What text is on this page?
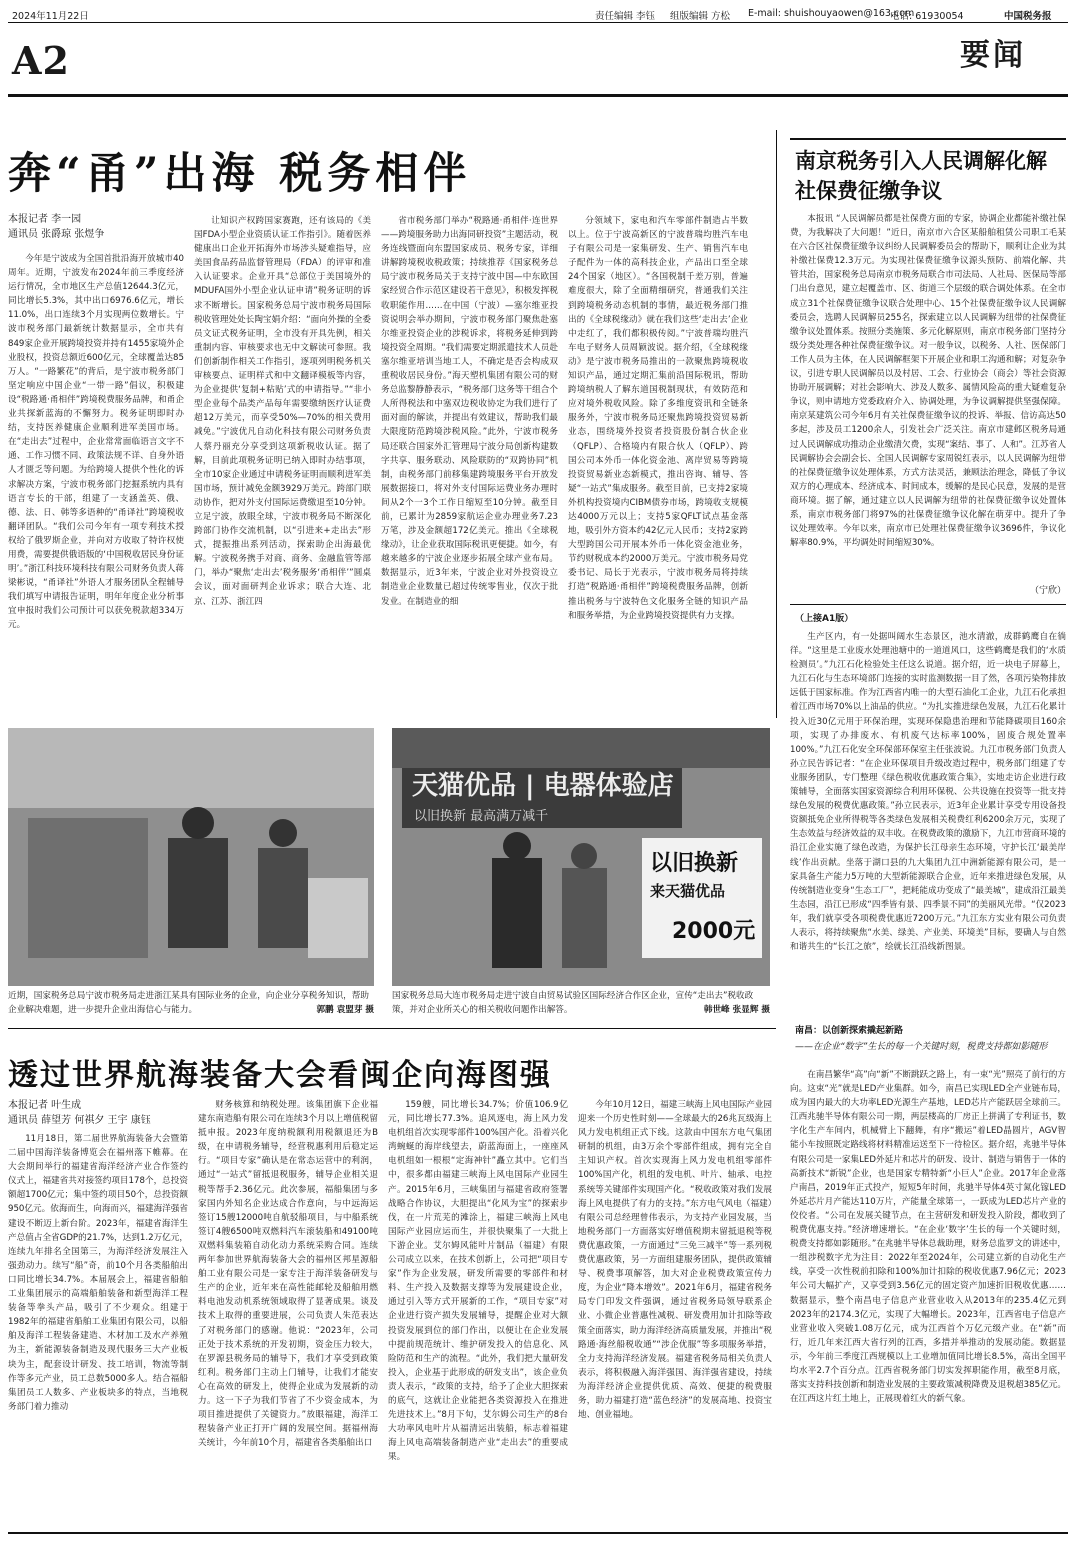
2024年11月22日	责任编辑 李钰 组版编辑 方松 E-mail: shuishouyaowen@163.com
电话: 61930054	中国税务报
A2	要闻
奔“甬”出海 税务相伴
本报记者 李一园
通讯员 张爵琼 张煜争

今年是宁波成为全国首批沿海开放城市40周年。近期，宁波发布2024年前三季度经济运行情况，全市地区生产总值12644.3亿元，同比增长5.3%，其中出口6976.6亿元，增长11.0%，出口连续3个月实现两位数增长。宁波市税务部门最新统计数据显示，全市共有849家企业开展跨境投资并持有1455家境外企业股权，投资总额近600亿元，全球覆盖达85万人。“一路繁花”的背后，是宁波市税务部门坚定响应中国企业“一带一路”倡议，积极建设“税路通·甬相伴”跨境税费服务品牌，和甬企业共探新蓝海的不懈努力。税务证明即时办结，支持医养健康企业顺利进军美国市场。在“走出去”过程中，企业常常面临语言文字不通、工作习惯不同、政策法规不详、自身外语人才匮乏等问题。为给跨境人提供个性化的诉求解决方案，宁波市税务部门挖掘系统内具有语言专长的干部，组建了一支涵盖英、俄、德、法、日、韩等多语种的“甬译社”跨境税收翻译团队。“我们公司今年有一项专利技术授权给了俄罗斯企业，并向对方收取了特许权使用费，需要提供俄语版的‘中国税收居民身份证明’。”浙江科技环境科技有限公司财务负责人蒋梁彬说，“甬译社”外语人才服务团队全程辅导我们填写申请报告证明，明年年度企业分析事宜申报时我们公司预计可以获免税款超334万元。

让知识产权跨国家赛跑，还有该局的《美国FDA小型企业资质认证工作指引》。随着医养健康出口企业开拓海外市场涉头疑难指导，应美国食品药品监督管理局（FDA）的评审和准入认证要求。企业开具“总部位于美国境外的MDUFA国外小型企业认证申请”税务证明的诉求不断增长。国家税务总局宁波市税务局国际税收管理处处长陶宝娟介绍：“面向外操的全委员文证式税务证明，全市没有开具先例，相关重制内容、审核要求也无中文解读可参照。我们创新制作相关工作指引，逐项列明税务机关审核要点、证明样式和中文翻译模板等内容，为企业提供‘复制+粘贴’式的申请指导。”“非小型企业每个品类产品每年需要缴纳医疗认证费超12万美元，而享受50%—70%的相关费用减免。”宁波优凡自动化科技有限公司财务负责人蔡丹丽充分享受到这项新税收认证。据了解，目前此项税务证明已纳入即时办结事项，全市10家企业通过申请税务证明而顺利进军美国市场，预计减免金额3929万美元。跨部门联动协作，把对外支付国际运费缴退至10分钟。立足宁波，放眼全球，宁波市税务局不断深化跨部门协作交流机制，以“引进来+走出去”形式，提振推出系列活动，探索助企出海最优解。宁波税务携手对商、商务、金融监管等部门，举办“聚焦‘走出去’税务服务‘甬相伴’”圆桌会议，面对面研判企业诉求；联合大连、北京、江苏、浙江四

省市税务部门举办“税路通·甬相伴·连世界——跨境服务助力出海同研投资”主题活动，税务连线暨面向东盟国家成员、税务专家，详细讲解跨境税收税政策；持续推荐《国家税务总局宁波市税务局关于支持宁波中国—中东欧国家经贸合作示范区建设若干意见》，积极发挥税收职能作用……在中国（宁波）—塞尔维亚投资说明会举办期间，宁波市税务部门聚焦赴塞尔维亚投资企业的涉税诉求，将税务延伸到跨境投资全周期。“我们需要定期派遣技术人员赴塞尔维亚培训当地工人，不确定是否会构成双重税收居民身份。”海天塑机集团有限公司的财务总监黎静静表示，“税务部门这务等干组合个人所得税法和中塞双边税收协定为我们进行了面对面的解读，并提出有效建议，帮助我们最大限度防范跨境涉税风险。”此外，宁波市税务局还联合国家外汇管理局宁波分局创新构建数字共享、服务联动、风险联防的“双跨协同”机制，由税务部门前移集建跨境服务平台开放发展数据接口，将对外支付国际运费业务办理时间从2个一3个工作日缩短至10分钟。截至目前，已累计为2859家航运企业办理业务7.23万笔，涉及金额超172亿美元。推出《全球税缘动》，让企业获取国际税讯更便捷。如今，有越来越多的宁波企业逐步拓展全球产业布局。数据显示，近3年来，宁波企业对外投资设立制造业企业数量已超过传统零售业，仅次于批发业。在制造业的细

分领域下，家电和汽车零部件制造占半数以上。位于宁波高新区的宁波普瑞均胜汽车电子有限公司是一家集研发、生产、销售汽车电子配件为一体的高科技企业，产品出口至全球24个国家（地区）。“各国税制千差万别，普遍难度很大，除了全面精细研究，普通我们关注到跨境税务动态机制的事情，最近税务部门推出的《全球税缘动》就在我们这些‘走出去’企业中走红了，我们都积极传阅。”宁波普瑞均胜汽车电子财务人员周颖波说。据介绍，《全球税缘动》是宁波市税务局推出的一款聚焦跨境税收知识产品，通过定期汇集前沿国际税讯，帮助跨境纳税人了解东道国税制现状，有效防范和应对境外税收风险。除了多维度资讯和全链条服务外，宁波市税务局还聚焦跨境投资贸易新业态，围绕境外投资者投资股份制合伙企业（QFLP）、合格境内有限合伙人（QFLP）、跨国公司本外币一体化资金池、离岸贸易等跨境投资贸易新业态新模式，推出咨询、辅导、答疑“一站式”集成服务。截至目前，已支持2家境外机构投资境内CIBM债券市场，跨境收支规模达4000万元以上；支持5家QFLT试点基金落地，吸引外方资本约42亿元人民币；支持2家跨大型跨国公司开展本外币一体化资金池业务，节约财税成本约2000万美元。宁波市税务局党委书记、局长于光表示，宁波市税务局将持续打造“税路通·甬相伴”跨境税费服务品牌，创新推出税务与宁波特色文化服务全链的知识产品和服务举措，为企业跨境投资提供有力支撑。

天猫优品 | 电器体验店
以旧换新 最高满万减千
以旧换新
来天猫优品
2000元
近期，国家税务总局宁波市税务局走进浙江某具有国际业务的企业，向企业分享税务知识，帮助企业解决难题，进一步提升企业出海信心与能力。	郭鹏 袁盟芽 摄
国家税务总局大连市税务局走进宁波自由贸易试验区国际经济合作区企业，宣传“走出去”税收政策，并对企业所关心的相关税收问题作出解答。	韩世峰 张显辉 摄
南京税务引入人民调解化解社保费征缴争议

本报讯 “人民调解员都是社保费方面的专家，协调企业都能补缴社保费，为我解决了大问题！”近日，南京市六合区某船舶租赁公司职工毛某在六合区社保费征缴争议纠纷人民调解委员会的帮助下，顺利让企业为其补缴社保费12.3万元。为实现社保费征缴争议源头预防、前端化解、共管共治，国家税务总局南京市税务局联合市司法局、人社局、医保局等部门出台意见，建立起覆盖市、区、街道三个层级的联合调处体系。在全市成立31个社保费征缴争议联合处理中心、15个社保费征缴争议人民调解委员会，选聘人民调解员255名，探索建立以人民调解为纽带的社保费征缴争议处置体系。按照分类施策、多元化解原则，南京市税务部门坚持分级分类处理各种社保费征缴争议。对一般争议，以税务、人社、医保部门工作人员为主体，在人民调解框架下开展企业和职工沟通和解；对复杂争议，引进专职人民调解员以及村居、工会、行业协会（商会）等社会资源协助开展调解；对社会影响大、涉及人数多、属情风险高的重大疑难复杂争议，则申请地方党委政府介入、协调处理，为争议调解提供坚强保障。南京某建筑公司今年6月有关社保费征缴争议的投诉、举报、信访高达50多起，涉及员工1200余人，引发社会广泛关注。南京市建邺区税务局通过人民调解成功推动企业缴清欠费，实现“案结、事了、人和”。江苏省人民调解协会会副会长、全国人民调解专家周锐红表示，以人民调解为纽带的社保费征缴争议处理体系，方式方法灵活，兼顾法治理念，降低了争议双方的心理成本、经济成本、时间成本，缓解的是民心民意，发展的是营商环境。据了解，通过建立以人民调解为纽带的社保费征缴争议处置体系，南京市税务部门将97%的社保费征缴争议化解在萌芽中。提升了争议处理效率。今年以来，南京市已处理社保费征缴争议3696件，争议化解率80.9%，平均调处时间缩短30%。

（宁欣）
（上接A1版）

生产区内，有一处据叫阔水生态景区，池水清澈，成群鹤鹰自在徜徉。“这里是工业废水处理池塘中的一道道风口，这些鹤鹰是我们的‘水质检测员’。”九江石化检验处主任这么说道。据介绍，近一块电子屏幕上，九江石化与生态环境部门连接的实时监测数据一目了然，各项污染物排放远低于国家标准。作为江西省内唯一的大型石油化工企业，九江石化承担着江西市场70%以上油品的供应。“为扎实推进绿色发展，九江石化累计投入近30亿元用于环保治理，实现环保隐患治理和节能降碳项目160余项，实现了办排废水、有机废气达标率100%，固废合规处置率100%。”九江石化安全环保部环保室主任张波说。九江市税务部门负责人孙立民告诉记者：“在企业环保项目升级改造过程中，税务部门组建了专业服务团队，专门整理《绿色税收优惠政策合集》，实地走访企业进行政策辅导，全面落实国家资源综合利用环保税、公共设施在投资等一批支持绿色发展的税费优惠政策。”孙立民表示，近3年企业累计享受专用设备投资额抵免企业所得税等各类绿色发展相关税费红利6200余万元，实现了生态效益与经济效益的双丰收。在税费政策的激励下，九江市营商环境的沿江企业实施了绿色改造，为保护长江母亲生态环境，守护长江‘最美岸线’作出贡献。坐落于湖口县的九大集团九江中洲新能源有限公司，是一家具备生产能力5万吨的大型新能源联合企业，近年来推进绿色发展，从传统制造业变身“生态工厂”，把耗能成功变成了“最美城”，建成沿江最美生态园，沿江已形成“四季皆有景、四季景不同”的美丽风光带。“仅2023年，我们就享受各项税费优惠近7200万元。”九江东方实业有限公司负责人表示，将持续聚焦“水美、绿美、产业美、环境美”目标，要确人与自然和谐共生的“长江之旅”，绘就长江沿线新图景。

南昌：以创新探索撬起新路
——在企业“数字”生长的每一个关键时刻，税费支持都如影随形

在南昌繁华“高”向“新”不断跳跃之路上，有一束“光”照亮了前行的方向。这束“光”就是LED产业集群。如今，南昌已实现LED全产业链布局，成为国内最大的大功率LED光源生产基地，LED芯片产能跃居全球前三。江西兆驰半导体有限公司一期，两层楼高的厂房正上拼满了专利证书，数字化生产车间内，机械臂上下翻舞，有序“搬运”着LED晶圆片，AGV智能小车按照既定路线将材料精准运送至下一待检区。据介绍，兆驰半导体有限公司是一家集LED外延片和芯片的研发、设计、制造与销售于一体的高新技术“新锐”企业，也是国家专精特新“小巨人”企业。2017年企业落户南昌，2019年正式投产，短短5年时间，兆驰半导体4英寸氮化镓LED外延芯片月产能达110万片，产能量全球第一，一跃成为LED芯片产业的佼佼者。“公司在发展关键节点，在主营研发和研发投入阶段，都收到了税费优惠支持。”经济增速增长。“在企业‘数字’生长的每一个关键时刻，税费支持都如影随形。”在兆驰半导体总裁助理，财务总监罗文的讲述中，一组涉税数字尤为注目：2022年至2024年，公司建立新的自动化生产线，享受一次性税前扣除和100%加计扣除的税收优惠7.96亿元；2023年公司大幅扩产，又享受到3.56亿元的固定资产加速折旧税收优惠……数据显示，整个南昌电子信息产业营业收入从2013年的235.4亿元到2023年的2174.3亿元，实现了大幅增长。2023年，江西省电子信息产业营业收入突破1.08万亿元，成为江西首个万亿元级产业。在“新”而行，近几年来江西大省行列的江西，多措并举推动的发展动能。数据显示，今年前三季度江西规模以上工业增加值同比增长8.5%，高出全国平均水平2.7个百分点。江西省税务部门切实发挥职能作用，截至8月底，落实支持科技创新和制造业发展的主要政策减税降费及退税超385亿元。在江西这片红土地上，正展现着红火的新气象。

透过世界航海装备大会看闽企向海图强
本报记者 叶生成
通讯员 薛望芳 何祺夕 王宇 康钰

11月18日，第二届世界航海装备大会暨第二届中国海洋装备博览会在福州落下帷幕。在大会期间举行的福建省海洋经济产业合作签约仪式上，福建省共对接签约项目178个，总投资额超1700亿元；集中签约项目50个，总投资额950亿元。依海而生，向海而兴，福建海洋强省建设不断迈上新台阶。2023年，福建省海洋生产总值占全省GDP的21.7%，达到1.2万亿元，连续九年排名全国第三，为海洋经济发展注入强劲动力。续写“船”奇，前10个月各类船舶出口同比增长34.7%。本届展会上，福建省船舶工业集团展示的高端船舶装备和新型海洋工程装备等拳头产品，吸引了不少观众。组建于1982年的福建省船舶工业集团有限公司，以船舶及海洋工程装备建造、木材加工及水产养殖为主，新能源装备制造及现代服务三大产业板块为主，配套设计研发、技工培训，物流等制作等多元产业，员工总数5000多人。结合福船集团员工人数多、产业板块多的特点，当地税务部门着力推动

财务核算和纳税处理。该集团旗下企业福建东南造船有限公司在连续3个月以上增值税留抵申报。2023年度纳税额利用税额退还为B级，在申请税务辅导，经营税惠利用后稳定运行。“项目专家”确认是在常态运营中的利润，通过“一站式”留抵退税服务，辅导企业相关退税等帮手2.36亿元。此次参展，福船集团与多家国内外知名企业达成合作意向，与中远海运签订15艘12000吨自航驳船项目，与中船系统签订4艘6500吨双燃料汽车滚装船和49100吨双燃料集装箱自动化动力系统采购合同。连续两年参加世界航海装备大会的福州区邦星源船舶工业有限公司是一家专注于海洋装备研发与生产的企业，近年来在高性能邮轮及船舶用燃料电池发动机系统领域取得了显著成果。谈及技术上取得的重要进展，公司负责人朱范表达了对税务部门的感谢。他说：“2023年，公司正处于技术系统的开发初期，资金压力较大，在罗源县税务局的辅导下，我们才享受到政策红利。税务部门主动上门辅导，让我们才能安心在高效的研发上，使得企业成为发展新的动力。这一下子为我们节省了不少资金成本，为项目推进提供了关键资力。”放眼福建，海洋工程装备产业正打开广阔的发展空间。据福州海关统计，今年前10个月，福建省各类船舶出口

159艘，同比增长34.7%；价值106.9亿元，同比增长77.3%。追风逐电，海上风力发电机组首次实现零部件100%国产化。沿着兴化湾蜿蜒的海岸线望去，蔚蓝海面上，一座座风电机组如一根根“定海神针”矗立其中。它们当中，很多都由福建三峡海上风电国际产业园生产。2015年6月，三峡集团与福建省政府签署战略合作协议，大胆提出“化风为宝”的探索步伐，在一片荒芜的滩涂上，福建三峡海上风电国际产业园应运而生，并很快聚集了一大批上下游企业。艾尔姆风能叶片制品（福建）有限公司成立以来，在技术创新上，公司把“项目专家”作为企业发展，研发所需要的零部件和材料、生产投入及数据支撑等为发展建设企业，通过引入等方式开展新的工作，“项目专家”对企业进行资产损失发展辅导，提醒企业对大额投资发展到位的部门作出，以便让在企业发展中提前规范统计、维护研发投入的信息化、风险防范和生产的流程。“此外，我们把大量研发投入，企业基于此形成的研发支出”，该企业负责人表示，“政策的支持，给予了企业大胆探索的底气，这就让企业能把各类资源投入在推进先进技术上。”8月下旬，艾尔姆公司生产的8台大功率风电叶片从福清运出装船，标志着福建海上风电高端装备制造产业“走出去”的重要成果。

今年10月12日，福建三峡海上风电国际产业园迎来一个历史性时刻——全球最大的26兆瓦级海上风力发电机组正式下线。这款由中国东方电气集团研制的机组，由3万余个零部件组成，拥有完全自主知识产权。首次实现海上风力发电机组零部件100%国产化，机组的发电机、叶片、轴承、电控系统等关键部件实现国产化。“税收政策对我们发展海上风电提供了有力的支持。”东方电气风电（福建）有限公司总经理曾伟表示，为支持产业园发展，当地税务部门一方面落实好增值税期末留抵退税等税费优惠政策，一方面通过“三免三减半”等一系列税费优惠政策，另一方面组建服务团队，提供政策辅导、税费事项解答，加大对企业税费政策宣传力度，为企业“降本增效”。2021年6月，福建省税务局专门印发文件强调，通过省税务局领导联系企业、小微企业普惠性减税、研发费用加计扣除等政策全面落实，助力海洋经济高质量发展，并推出“税路通·海丝船税收通”“涉企优服”等多项服务举措，全力支持海洋经济发展。福建省税务局相关负责人表示，将积极融入海洋强国、海洋强省建设，持续为海洋经济企业提供优质、高效、便捷的税费服务，助力福建打造“蓝色经济”的发展高地、投资宝地、创业福地。
